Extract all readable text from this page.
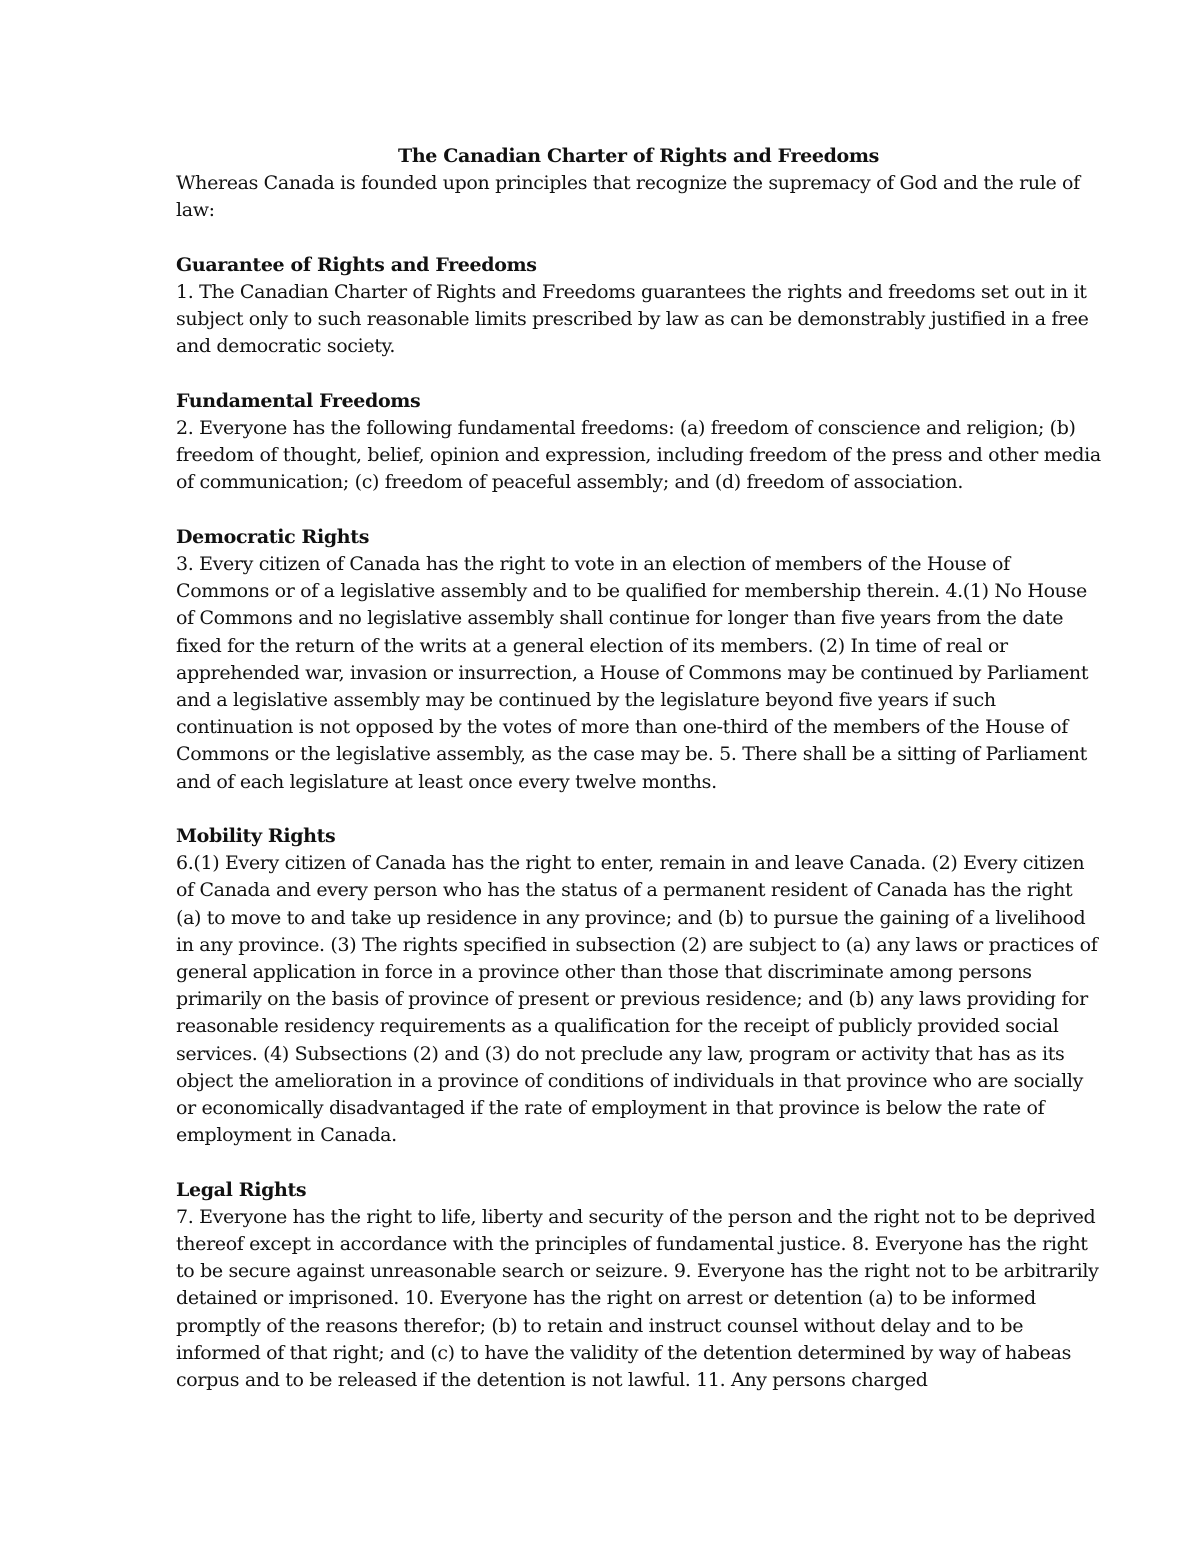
The Canadian Charter of Rights and Freedoms

Whereas Canada is founded upon principles that recognize the supremacy of God and the rule of law:

Guarantee of Rights and Freedoms

1. The Canadian Charter of Rights and Freedoms guarantees the rights and freedoms set out in it subject only to such reasonable limits prescribed by law as can be demonstrably justified in a free and democratic society.

Fundamental Freedoms

2. Everyone has the following fundamental freedoms: (a) freedom of conscience and religion; (b) freedom of thought, belief, opinion and expression, including freedom of the press and other media of communication; (c) freedom of peaceful assembly; and (d) freedom of association.

Democratic Rights

3. Every citizen of Canada has the right to vote in an election of members of the House of Commons or of a legislative assembly and to be qualified for membership therein. 4.(1) No House of Commons and no legislative assembly shall continue for longer than five years from the date fixed for the return of the writs at a general election of its members. (2) In time of real or apprehended war, invasion or insurrection, a House of Commons may be continued by Parliament and a legislative assembly may be continued by the legislature beyond five years if such continuation is not opposed by the votes of more than one-third of the members of the House of Commons or the legislative assembly, as the case may be. 5. There shall be a sitting of Parliament and of each legislature at least once every twelve months.

Mobility Rights

6.(1) Every citizen of Canada has the right to enter, remain in and leave Canada. (2) Every citizen of Canada and every person who has the status of a permanent resident of Canada has the right (a) to move to and take up residence in any province; and (b) to pursue the gaining of a livelihood in any province. (3) The rights specified in subsection (2) are subject to (a) any laws or practices of general application in force in a province other than those that discriminate among persons primarily on the basis of province of present or previous residence; and (b) any laws providing for reasonable residency requirements as a qualification for the receipt of publicly provided social services. (4) Subsections (2) and (3) do not preclude any law, program or activity that has as its object the amelioration in a province of conditions of individuals in that province who are socially or economically disadvantaged if the rate of employment in that province is below the rate of employment in Canada.

Legal Rights

7. Everyone has the right to life, liberty and security of the person and the right not to be deprived thereof except in accordance with the principles of fundamental justice. 8. Everyone has the right to be secure against unreasonable search or seizure. 9. Everyone has the right not to be arbitrarily detained or imprisoned. 10. Everyone has the right on arrest or detention (a) to be informed promptly of the reasons therefor; (b) to retain and instruct counsel without delay and to be informed of that right; and (c) to have the validity of the detention determined by way of habeas corpus and to be released if the detention is not lawful. 11. Any persons charged
